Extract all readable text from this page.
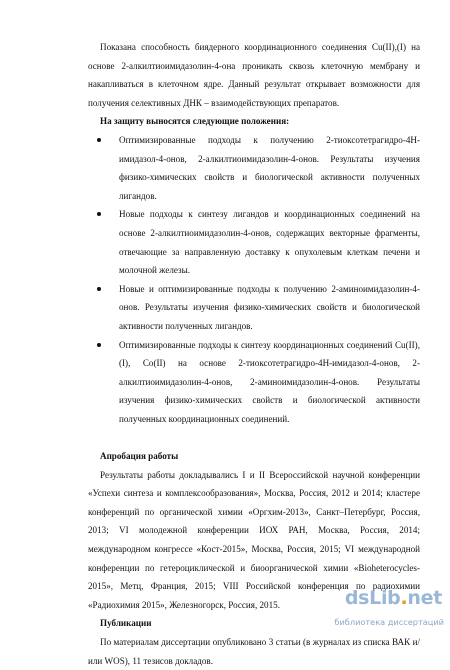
Показана способность биядерного координационного соединения Cu(II),(I) на основе 2-алкилтиоимидазолин-4-она проникать сквозь клеточную мембрану и накапливаться в клеточном ядре. Данный результат открывает возможности для получения селективных ДНК – взаимодействующих препаратов.

На защиту выносятся следующие положения:

Оптимизированные подходы к получению 2-тиоксотетрагидро-4Н-имидазол-4-онов, 2-алкилтиоимидазолин-4-онов. Результаты изучения физико-химических свойств и биологической активности полученных лигандов.
Новые подходы к синтезу лигандов и координационных соединений на основе 2-алкилтиоимидазолин-4-онов, содержащих векторные фрагменты, отвечающие за направленную доставку к опухолевым клеткам печени и молочной железы.
Новые и оптимизированные подходы к получению 2-аминоимидазолин-4-онов. Результаты изучения физико-химических свойств и биологической активности полученных лигандов.
Оптимизированные подходы к синтезу координационных соединений Cu(II), (I), Co(II) на основе 2-тиоксотетрагидро-4Н-имидазол-4-онов, 2-алкилтиоимидазолин-4-онов, 2-аминоимидазолин-4-онов. Результаты изучения физико-химических свойств и биологической активности полученных координационных соединений.

Апробация работы

Результаты работы докладывались I и II Всероссийской научной конференции «Успехи синтеза и комплексообразования», Москва, Россия, 2012 и 2014; кластере конференций по органической химии «Оргхим-2013», Санкт–Петербург, Россия, 2013; VI молодежной конференции ИОХ РАН, Москва, Россия, 2014; международном конгрессе «Кост-2015», Москва, Россия, 2015; VI международной конференции по гетероциклической и биоорганической химии «Bioheterocycles-2015», Метц, Франция, 2015; VIII Российской конференция по радиохимии «Радиохимия 2015», Железногорск, Россия, 2015.

Публикации

По материалам диссертации опубликовано 3 статьи (в журналах из списка ВАК и/или WOS), 11 тезисов докладов.

dsLib.net
библиотека диссертаций
